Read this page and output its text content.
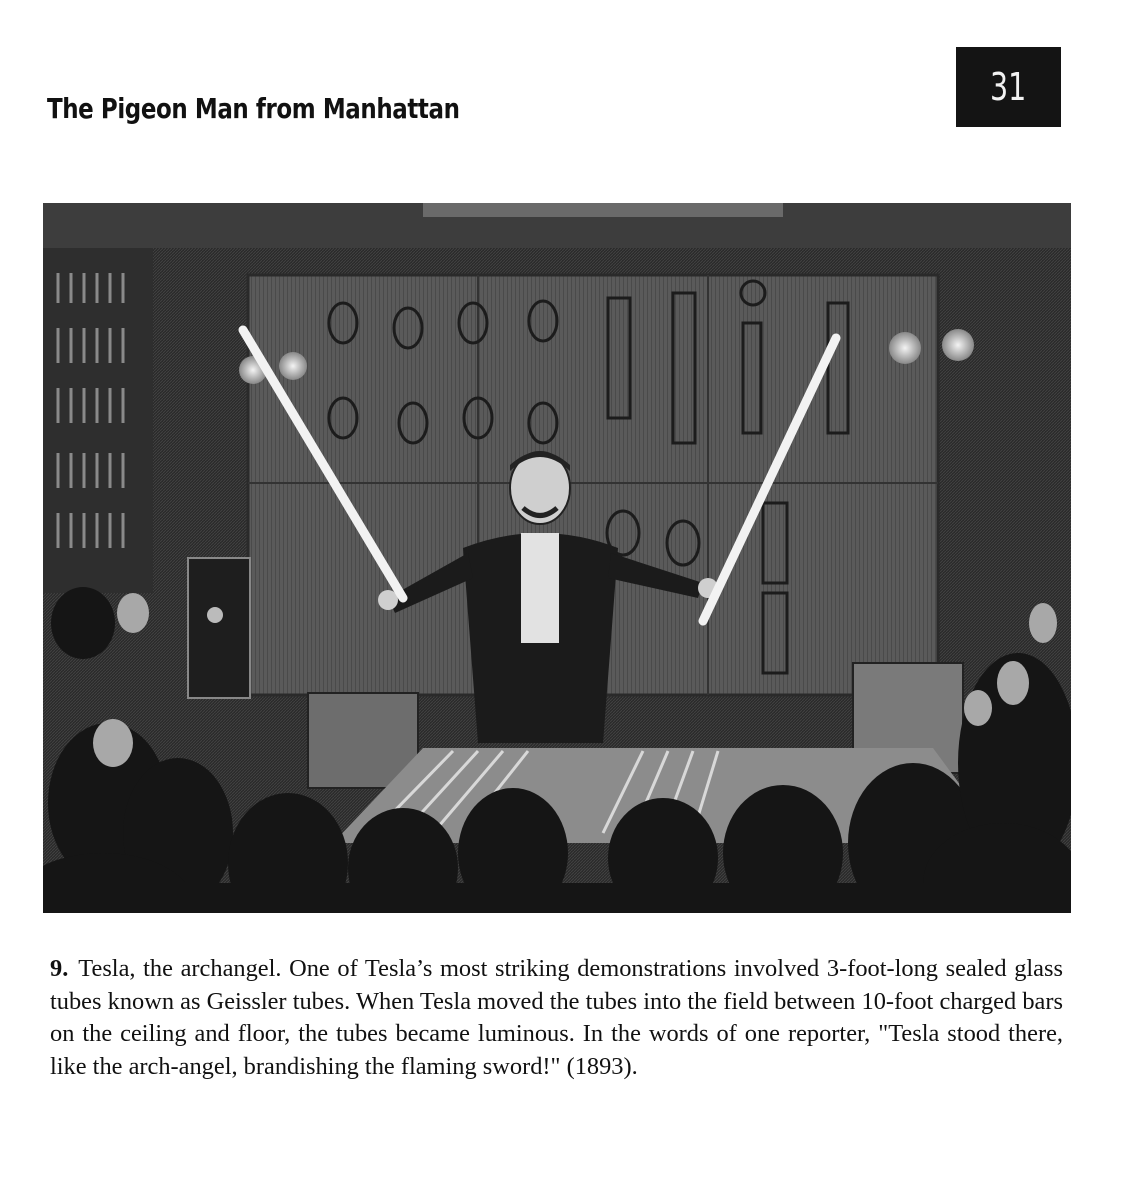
The Pigeon Man from Manhattan	31
9. Tesla, the archangel. One of Tesla’s most striking demonstrations involved 3-foot-long sealed glass tubes known as Geissler tubes. When Tesla moved the tubes into the field between 10-foot charged bars on the ceiling and floor, the tubes became luminous. In the words of one reporter, "Tesla stood there, like the arch-angel, brandishing the flaming sword!" (1893).
